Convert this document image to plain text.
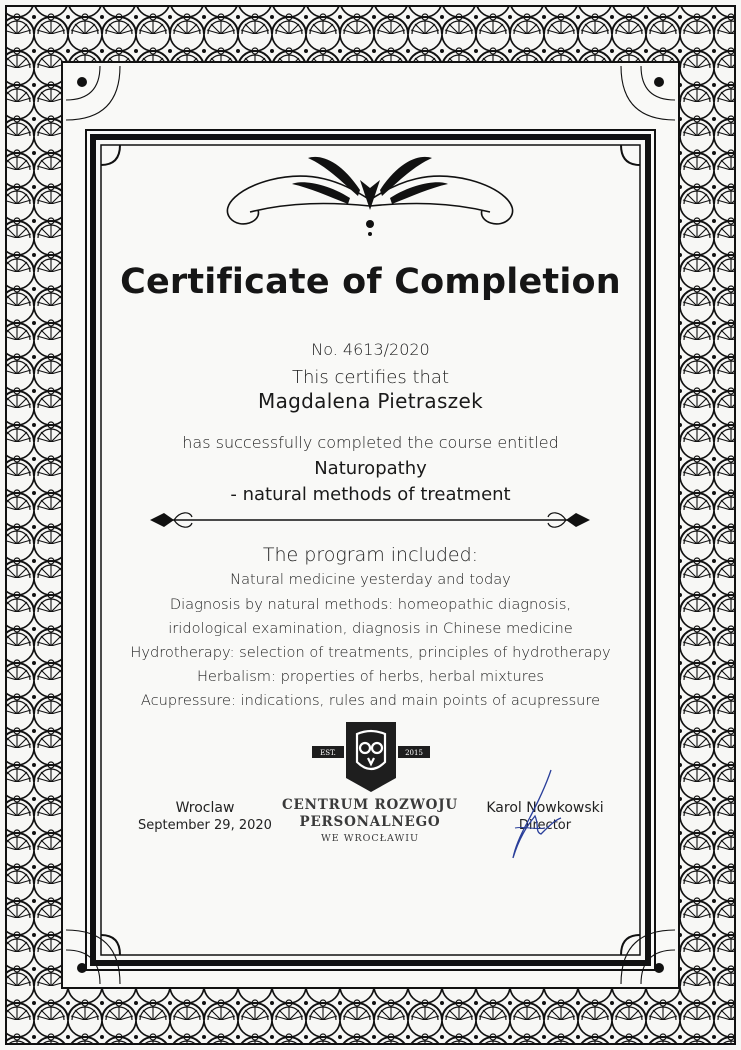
Certificate of Completion
No. 4613/2020
This certifies that
Magdalena Pietraszek
has successfully completed the course entitled
Naturopathy
- natural methods of treatment
The program included:
Natural medicine yesterday and today
Diagnosis by natural methods: homeopathic diagnosis,
iridological examination, diagnosis in Chinese medicine
Hydrotherapy: selection of treatments, principles of hydrotherapy
Herbalism: properties of herbs, herbal mixtures
Acupressure: indications, rules and main points of acupressure
EST.	2015
Wroclaw
September 29, 2020
CENTRUM ROZWOJU
PERSONALNEGO
WE WROCŁAWIU
Karol Nowkowski
Director
